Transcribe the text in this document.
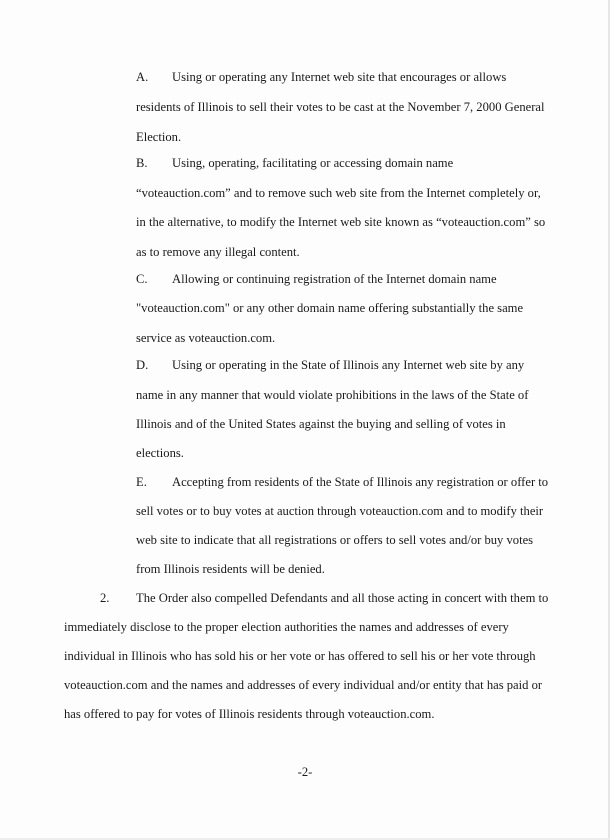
A. Using or operating any Internet web site that encourages or allows
residents of Illinois to sell their votes to be cast at the November 7, 2000 General
Election.
B. Using, operating, facilitating or accessing domain name
“voteauction.com” and to remove such web site from the Internet completely or,
in the alternative, to modify the Internet web site known as “voteauction.com” so
as to remove any illegal content.
C. Allowing or continuing registration of the Internet domain name
"voteauction.com" or any other domain name offering substantially the same
service as voteauction.com.
D. Using or operating in the State of Illinois any Internet web site by any
name in any manner that would violate prohibitions in the laws of the State of
Illinois and of the United States against the buying and selling of votes in
elections.
E. Accepting from residents of the State of Illinois any registration or offer to
sell votes or to buy votes at auction through voteauction.com and to modify their
web site to indicate that all registrations or offers to sell votes and/or buy votes
from Illinois residents will be denied.
2. The Order also compelled Defendants and all those acting in concert with them to
immediately disclose to the proper election authorities the names and addresses of every
individual in Illinois who has sold his or her vote or has offered to sell his or her vote through
voteauction.com and the names and addresses of every individual and/or entity that has paid or
has offered to pay for votes of Illinois residents through voteauction.com.
-2-
